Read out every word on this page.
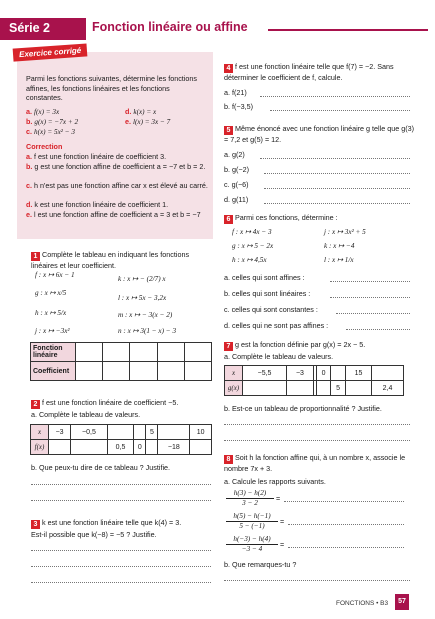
Série 2	Fonction linéaire ou affine
Exercice corrigé
Parmi les fonctions suivantes, détermine les fonctions affines, les fonctions linéaires et les fonctions constantes.
a. f(x) = 3x
b. g(x) = −7x + 2
c. h(x) = 5x² − 3
d. k(x) = x
e. l(x) = 3x − 7
Correction
a. f est une fonction linéaire de coefficient 3.
b. g est une fonction affine de coefficient a = −7 et b = 2.
c. h n'est pas une fonction affine car x est élevé au carré.
d. k est une fonction linéaire de coefficient 1.
e. l est une fonction affine de coefficient a = 3 et b = −7
1 Complète le tableau en indiquant les fonctions linéaires et leur coefficient.
f : x ↦ 6x − 1
g : x ↦ x/5
h : x ↦ 5/x
j : x ↦ −3x²
k : x ↦ − (2/7) x
l : x ↦ 5x − 3,2x
m : x ↦ − 3(x − 2)
n : x ↦ 3(1 − x) − 3
Fonction linéaire					
Coefficient					
2 f est une fonction linéaire de coefficient −5.
a. Complète le tableau de valeurs.
x	−3	−0,5			5		10
f(x)			0,5	0		−18	
b. Que peux-tu dire de ce tableau ? Justifie.
3 k est une fonction linéaire telle que k(4) = 3.
Est-il possible que k(−8) = −5 ? Justifie.
4 f est une fonction linéaire telle que f(7) = −2. Sans déterminer le coefficient de f, calcule.
a. f(21)
b. f(−3,5)
5 Même énoncé avec une fonction linéaire g telle que g(3) = 7,2 et g(5) = 12.
a. g(2)
b. g(−2)
c. g(−6)
d. g(11)
6 Parmi ces fonctions, détermine :
f : x ↦ 4x − 3
g : x ↦ 5 − 2x
h : x ↦ 4,5x
j : x ↦ 3x² + 5
k : x ↦ −4
l : x ↦ 1/x
a. celles qui sont affines :
b. celles qui sont linéaires :
c. celles qui sont constantes :
d. celles qui ne sont pas affines :
7 g est la fonction définie par g(x) = 2x − 5.
a. Complète le tableau de valeurs.
x	−5,5	−3		0		15	
g(x)					5		2,4
b. Est-ce un tableau de proportionnalité ? Justifie.
8 Soit h la fonction affine qui, à un nombre x, associe le nombre 7x + 3.
a. Calcule les rapports suivants.
$\frac{h(3) - h(2)}{3 - 2}$ =
$\frac{h(5) - h(-1)}{5 - (-1)}$ =
$\frac{h(-3) - h(4)}{-3 - 4}$ =
b. Que remarques-tu ?
FONCTIONS • B3	57
